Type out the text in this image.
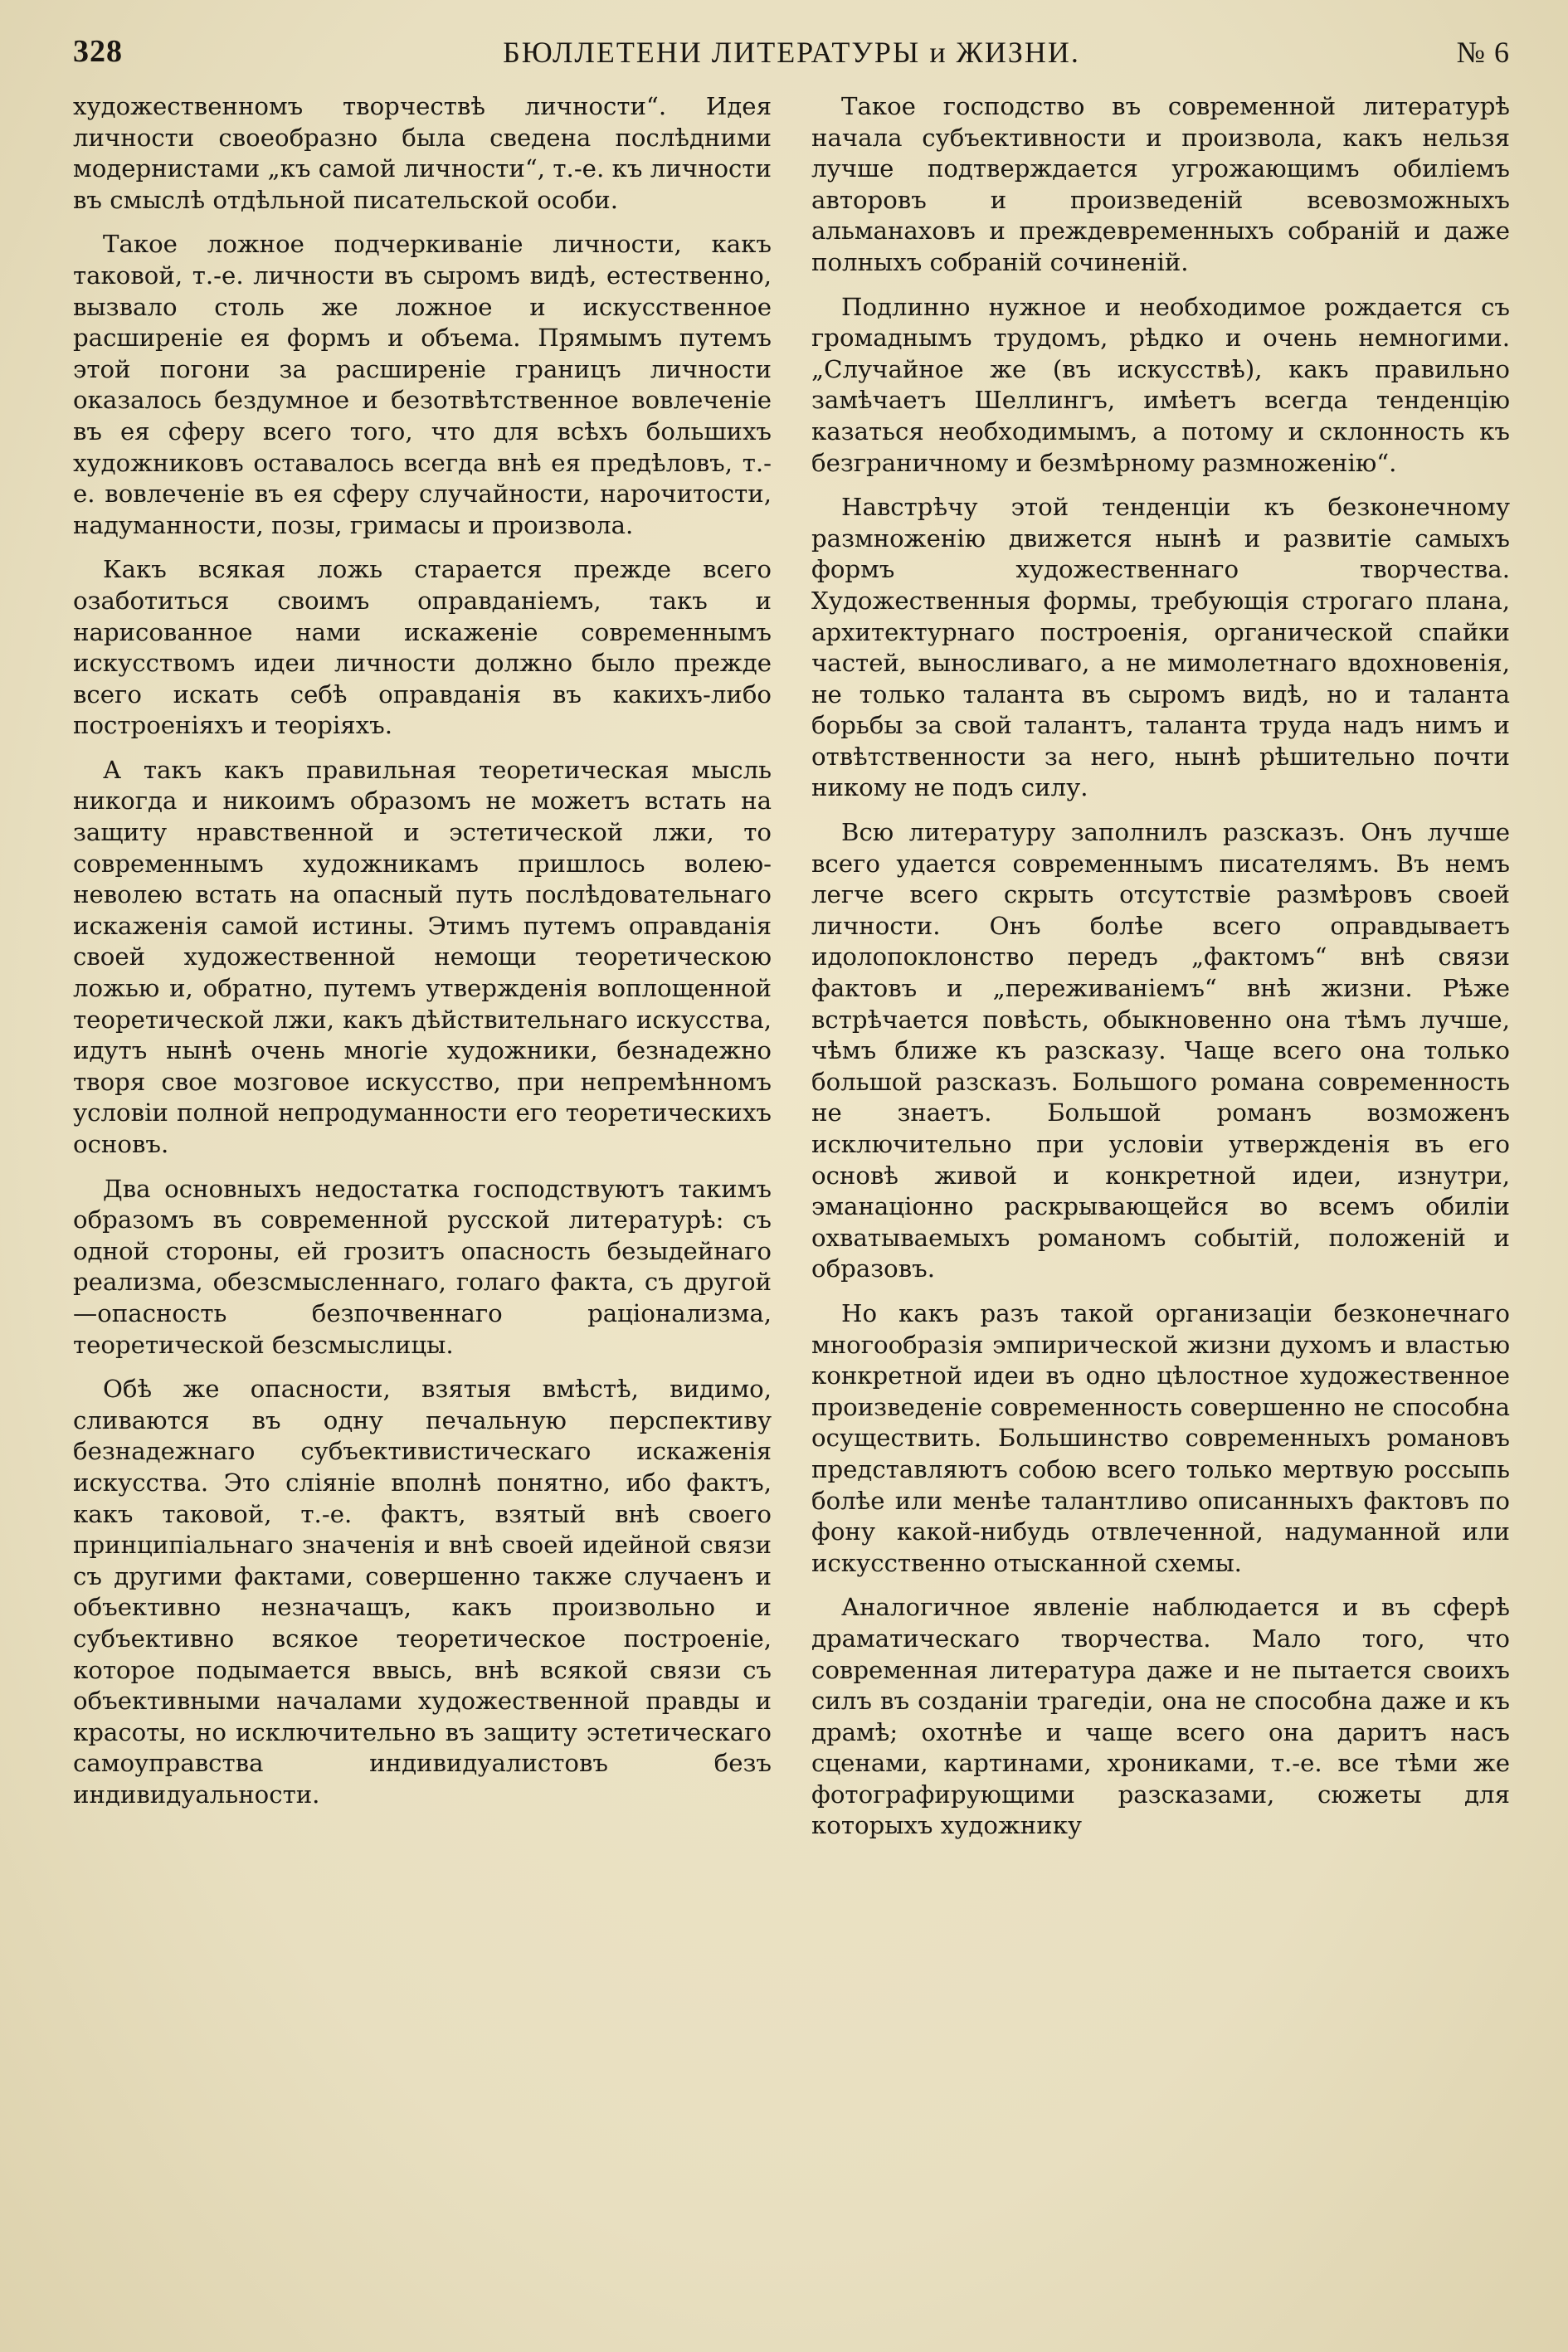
328	БЮЛЛЕТЕНИ ЛИТЕРАТУРЫ и ЖИЗНИ.	№ 6

художественномъ творчествѣ личности“. Идея личности своеобразно была сведена послѣдними модернистами „къ самой личности“, т.-е. къ личности въ смыслѣ отдѣльной писательской особи.

Такое ложное подчеркиваніе личности, какъ таковой, т.-е. личности въ сыромъ видѣ, естественно, вызвало столь же ложное и искусственное расширеніе ея формъ и объема. Прямымъ путемъ этой погони за расширеніе границъ личности оказалось бездумное и безотвѣтственное вовлеченіе въ ея сферу всего того, что для всѣхъ большихъ художниковъ оставалось всегда внѣ ея предѣловъ, т.-е. вовлеченіе въ ея сферу случайности, нарочитости, надуманности, позы, гримасы и произвола.

Какъ всякая ложь старается прежде всего озаботиться своимъ оправданіемъ, такъ и нарисованное нами искаженіе современнымъ искусствомъ идеи личности должно было прежде всего искать себѣ оправданія въ какихъ-либо построеніяхъ и теоріяхъ.

А такъ какъ правильная теоретическая мысль никогда и никоимъ образомъ не можетъ встать на защиту нравственной и эстетической лжи, то современнымъ художникамъ пришлось волею-неволею встать на опасный путь послѣдовательнаго искаженія самой истины. Этимъ путемъ оправданія своей художественной немощи теоретическою ложью и, обратно, путемъ утвержденія воплощенной теоретической лжи, какъ дѣйствительнаго искусства, идутъ нынѣ очень многіе художники, безнадежно творя свое мозговое искусство, при непремѣнномъ условіи полной непродуманности его теоретическихъ основъ.

Два основныхъ недостатка господствуютъ такимъ образомъ въ современной русской литературѣ: съ одной стороны, ей грозитъ опасность безыдейнаго реализма, обезсмысленнаго, голаго факта, съ другой—опасность безпочвеннаго раціонализма, теоретической безсмыслицы.

Обѣ же опасности, взятыя вмѣстѣ, видимо, сливаются въ одну печальную перспективу безнадежнаго субъективистическаго искаженія искусства. Это сліяніе вполнѣ понятно, ибо фактъ, какъ таковой, т.-е. фактъ, взятый внѣ своего принципіальнаго значенія и внѣ своей идейной связи съ другими фактами, совершенно также случаенъ и объективно незначащъ, какъ произвольно и субъективно всякое теоретическое построеніе, которое подымается ввысь, внѣ всякой связи съ объективными началами художественной правды и красоты, но исключительно въ защиту эстетическаго самоуправства индивидуалистовъ безъ индивидуальности.

Такое господство въ современной литературѣ начала субъективности и произвола, какъ нельзя лучше подтверждается угрожающимъ обиліемъ авторовъ и произведеній всевозможныхъ альманаховъ и преждевременныхъ собраній и даже полныхъ собраній сочиненій.

Подлинно нужное и необходимое рождается съ громаднымъ трудомъ, рѣдко и очень немногими. „Случайное же (въ искусствѣ), какъ правильно замѣчаетъ Шеллингъ, имѣетъ всегда тенденцію казаться необходимымъ, а потому и склонность къ безграничному и безмѣрному размноженію“.

Навстрѣчу этой тенденціи къ безконечному размноженію движется нынѣ и развитіе самыхъ формъ художественнаго творчества. Художественныя формы, требующія строгаго плана, архитектурнаго построенія, органической спайки частей, выносливаго, а не мимолетнаго вдохновенія, не только таланта въ сыромъ видѣ, но и таланта борьбы за свой талантъ, таланта труда надъ нимъ и отвѣтственности за него, нынѣ рѣшительно почти никому не подъ силу.

Всю литературу заполнилъ разсказъ. Онъ лучше всего удается современнымъ писателямъ. Въ немъ легче всего скрыть отсутствіе размѣровъ своей личности. Онъ болѣе всего оправдываетъ идолопоклонство передъ „фактомъ“ внѣ связи фактовъ и „переживаніемъ“ внѣ жизни. Рѣже встрѣчается повѣсть, обыкновенно она тѣмъ лучше, чѣмъ ближе къ разсказу. Чаще всего она только большой разсказъ. Большого романа современность не знаетъ. Большой романъ возможенъ исключительно при условіи утвержденія въ его основѣ живой и конкретной идеи, изнутри, эманаціонно раскрывающейся во всемъ обиліи охватываемыхъ романомъ событій, положеній и образовъ.

Но какъ разъ такой организаціи безконечнаго многообразія эмпирической жизни духомъ и властью конкретной идеи въ одно цѣлостное художественное произведеніе современность совершенно не способна осуществить. Большинство современныхъ романовъ представляютъ собою всего только мертвую россыпь болѣе или менѣе талантливо описанныхъ фактовъ по фону какой-нибудь отвлеченной, надуманной или искусственно отысканной схемы.

Аналогичное явленіе наблюдается и въ сферѣ драматическаго творчества. Мало того, что современная литература даже и не пытается своихъ силъ въ созданіи трагедіи, она не способна даже и къ драмѣ; охотнѣе и чаще всего она даритъ насъ сценами, картинами, хрониками, т.-е. все тѣми же фотографирующими разсказами, сюжеты для которыхъ художнику
